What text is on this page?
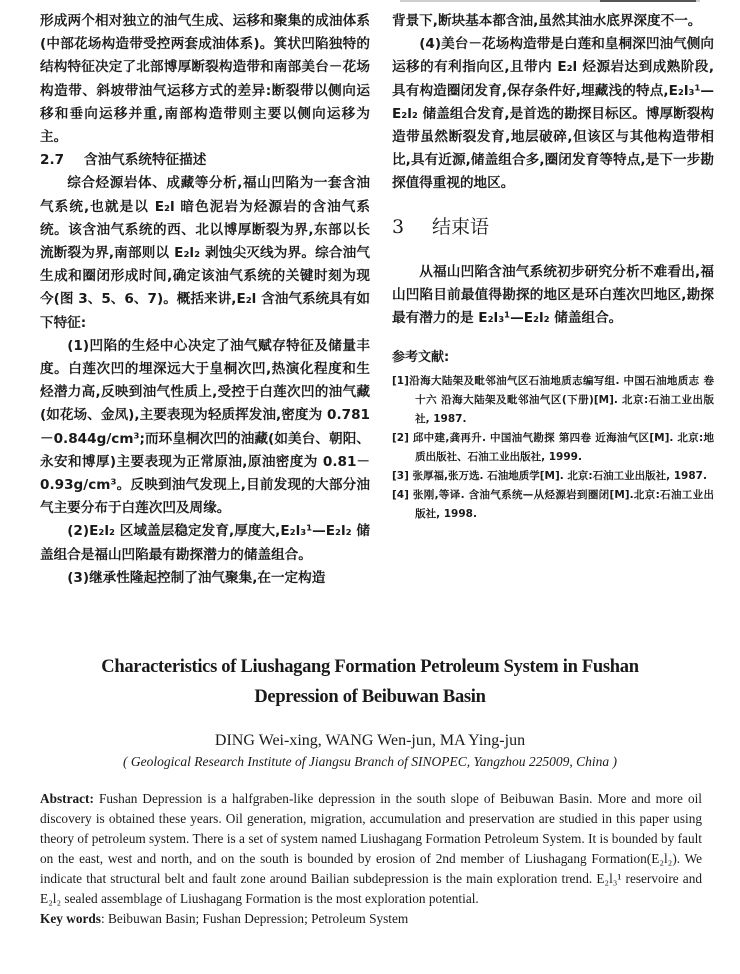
形成两个相对独立的油气生成、运移和聚集的成油体系(中部花场构造带受控两套成油体系)。箕状凹陷独特的结构特征决定了北部博厚断裂构造带和南部美台－花场构造带、斜坡带油气运移方式的差异:断裂带以侧向运移和垂向运移并重,南部构造带则主要以侧向运移为主。

2.7 含油气系统特征描述

综合烃源岩体、成藏等分析,福山凹陷为一套含油气系统,也就是以 E₂l 暗色泥岩为烃源岩的含油气系统。该含油气系统的西、北以博厚断裂为界,东部以长流断裂为界,南部则以 E₂l₂ 剥蚀尖灭线为界。综合油气生成和圈闭形成时间,确定该油气系统的关键时刻为现今(图 3、5、6、7)。概括来讲,E₂l 含油气系统具有如下特征:

(1)凹陷的生烃中心决定了油气赋存特征及储量丰度。白莲次凹的埋深远大于皇桐次凹,热演化程度和生烃潜力高,反映到油气性质上,受控于白莲次凹的油气藏(如花场、金凤),主要表现为轻质挥发油,密度为 0.781－0.844g/cm³;而环皇桐次凹的油藏(如美台、朝阳、永安和博厚)主要表现为正常原油,原油密度为 0.81－0.93g/cm³。反映到油气发现上,目前发现的大部分油气主要分布于白莲次凹及周缘。

(2)E₂l₂ 区域盖层稳定发育,厚度大,E₂l₃¹—E₂l₂ 储盖组合是福山凹陷最有勘探潜力的储盖组合。

(3)继承性隆起控制了油气聚集,在一定构造

背景下,断块基本都含油,虽然其油水底界深度不一。

(4)美台－花场构造带是白莲和皇桐深凹油气侧向运移的有利指向区,且带内 E₂l 烃源岩达到成熟阶段,具有构造圈闭发育,保存条件好,埋藏浅的特点,E₂l₃¹—E₂l₂ 储盖组合发育,是首选的勘探目标区。博厚断裂构造带虽然断裂发育,地层破碎,但该区与其他构造带相比,具有近源,储盖组合多,圈闭发育等特点,是下一步勘探值得重视的地区。

3 结束语

从福山凹陷含油气系统初步研究分析不难看出,福山凹陷目前最值得勘探的地区是环白莲次凹地区,勘探最有潜力的是 E₂l₃¹—E₂l₂ 储盖组合。

参考文献:

[1]沿海大陆架及毗邻油气区石油地质志编写组. 中国石油地质志 卷十六 沿海大陆架及毗邻油气区(下册)[M]. 北京:石油工业出版社, 1987.

[2] 邱中建,龚再升. 中国油气勘探 第四卷 近海油气区[M]. 北京:地质出版社、石油工业出版社, 1999.

[3] 张厚福,张万选. 石油地质学[M]. 北京:石油工业出版社, 1987.

[4] 张刚,等译. 含油气系统—从烃源岩到圈闭[M].北京:石油工业出版社, 1998.

Characteristics of Liushagang Formation Petroleum System in Fushan

Depression of Beibuwan Basin

DING Wei-xing, WANG Wen-jun, MA Ying-jun

( Geological Research Institute of Jiangsu Branch of SINOPEC, Yangzhou 225009, China )

Abstract: Fushan Depression is a halfgraben-like depression in the south slope of Beibuwan Basin. More and more oil discovery is obtained these years. Oil generation, migration, accumulation and preservation are studied in this paper using theory of petroleum system. There is a set of system named Liushagang Formation Petroleum System. It is bounded by fault on the east, west and north, and on the south is bounded by erosion of 2nd member of Liushagang Formation(E₂l₂). We indicate that structural belt and fault zone around Bailian subdepression is the main exploration trend. E₂l₃¹ reservoire and E₂l₂ sealed assemblage of Liushagang Formation is the most exploration potential.
Key words: Beibuwan Basin; Fushan Depression; Petroleum System
